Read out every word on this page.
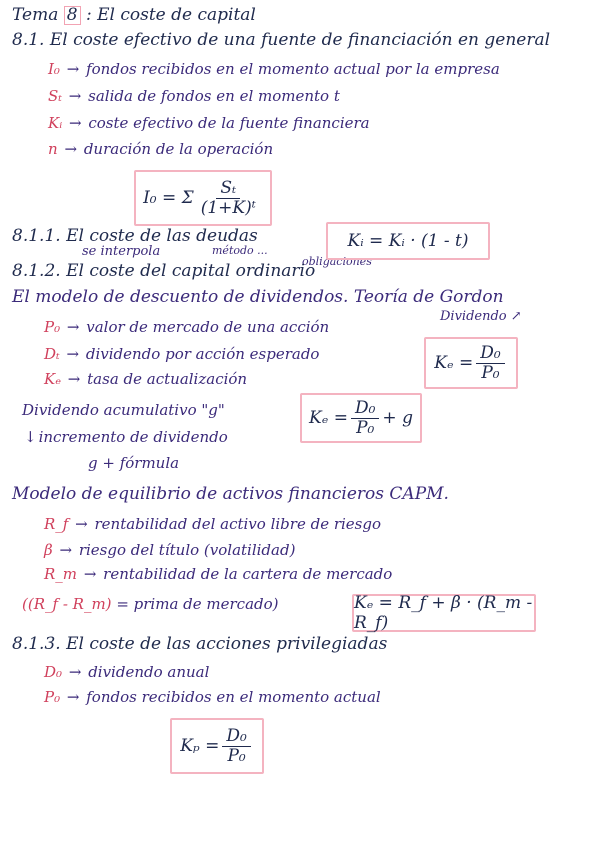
Tema 8 : El coste de capital
8.1. El coste efectivo de una fuente de financiación en general
I₀ → fondos recibidos en el momento actual por la empresa
Sₜ → salida de fondos en el momento t
Kᵢ → coste efectivo de la fuente financiera
n → duración de la operación
I₀ = Σ $\frac{\text{Sₜ}}{\text{(1+K)ᵗ}}$
8.1.1. El coste de las deudas
se interpola	método ...
obligaciones
Kᵢ = Kᵢ · (1 - t)
8.1.2. El coste del capital ordinario
El modelo de descuento de dividendos. Teoría de Gordon
Dividendo ↗
P₀ → valor de mercado de una acción
Dₜ → dividendo por acción esperado
Kₑ → tasa de actualización
$K_e = \frac{\text{D₀}}{\text{P₀}}$
Dividendo acumulativo "g"	$K_e = \frac{\text{D₀}}{\text{P₀}} + g$
↓ incremento de dividendo
g + fórmula
Modelo de equilibrio de activos financieros CAPM.
R_f → rentabilidad del activo libre de riesgo
β → riesgo del título (volatilidad)
R_m → rentabilidad de la cartera de mercado
((R_f - R_m) = prima de mercado)	Kₑ = R_f + β · (R_m - R_f)
8.1.3. El coste de las acciones privilegiadas
D₀ → dividendo anual
P₀ → fondos recibidos en el momento actual
$K_p = \frac{\text{D₀}}{\text{P₀}}$
